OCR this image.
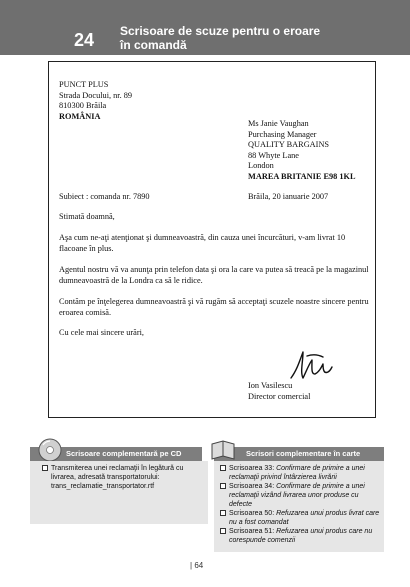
24	Scrisoare de scuze pentru o eroare
în comandă
PUNCT PLUS
Strada Docului, nr. 89
810300 Brăila
ROMÂNIA
Ms Janie Vaughan
Purchasing Manager
QUALITY BARGAINS
88 Whyte Lane
London
MAREA BRITANIE E98 1KL
Subiect : comanda nr. 7890	Brăila, 20 ianuarie 2007
Stimată doamnă,
Aşa cum ne-aţi atenţionat şi dumneavoastră, din cauza unei încurcături, v-am livrat 10 flacoane în plus.
Agentul nostru vă va anunţa prin telefon data şi ora la care va putea să treacă pe la magazinul dumneavoastră de la Londra ca să le ridice.
Contăm pe înţelegerea dumneavoastră şi vă rugăm să acceptaţi scuzele noastre sincere pentru eroarea comisă.
Cu cele mai sincere urări,
Ion Vasilescu
Director comercial
Scrisoare complementară pe CD
Transmiterea unei reclamaţii în legătură cu livrarea, adresată transportatorului: trans_reclamatie_transportator.rtf
Scrisori complementare în carte
Scrisoarea 33: Confirmare de primire a unei reclamaţii privind întârzierea livrării
Scrisoarea 34: Confirmare de primire a unei reclamaţii vizând livrarea unor produse cu defecte
Scrisoarea 50: Refuzarea unui produs livrat care nu a fost comandat
Scrisoarea 51: Refuzarea unui produs care nu corespunde comenzii
| 64
